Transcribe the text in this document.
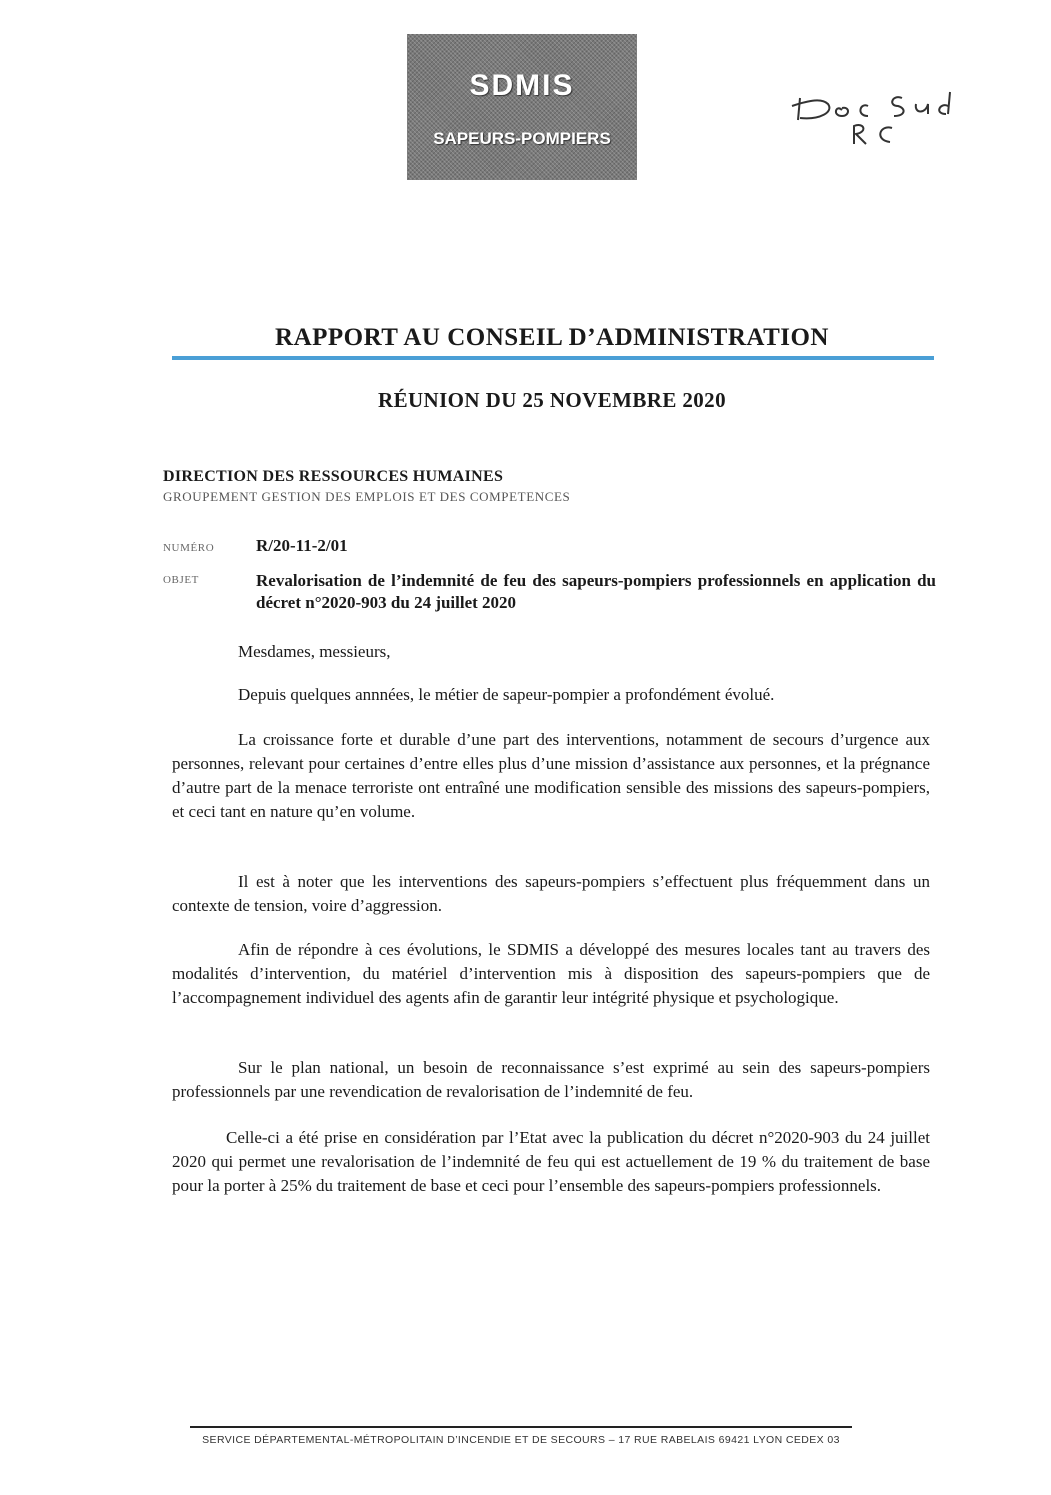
SDMIS
SAPEURS-POMPIERS
RAPPORT AU CONSEIL D’ADMINISTRATION
RÉUNION DU 25 NOVEMBRE 2020
DIRECTION DES RESSOURCES HUMAINES
GROUPEMENT GESTION DES EMPLOIS ET DES COMPETENCES
NUMÉRO R/20-11-2/01
OBJET	Revalorisation de l’indemnité de feu des sapeurs-pompiers professionnels en application du décret n°2020-903 du 24 juillet 2020
Mesdames, messieurs,
Depuis quelques annnées, le métier de sapeur-pompier a profondément évolué.
La croissance forte et durable d’une part des interventions, notamment de secours d’urgence aux personnes, relevant pour certaines d’entre elles plus d’une mission d’assistance aux personnes, et la prégnance d’autre part de la menace terroriste ont entraîné une modification sensible des missions des sapeurs-pompiers, et ceci tant en nature qu’en volume.
Il est à noter que les interventions des sapeurs-pompiers s’effectuent plus fréquemment dans un contexte de tension, voire d’aggression.
Afin de répondre à ces évolutions, le SDMIS a développé des mesures locales tant au travers des modalités d’intervention, du matériel d’intervention mis à disposition des sapeurs-pompiers que de l’accompagnement individuel des agents afin de garantir leur intégrité physique et psychologique.
Sur le plan national, un besoin de reconnaissance s’est exprimé au sein des sapeurs-pompiers professionnels par une revendication de revalorisation de l’indemnité de feu.
Celle-ci a été prise en considération par l’Etat avec la publication du décret n°2020-903 du 24 juillet 2020 qui permet une revalorisation de l’indemnité de feu qui est actuellement de 19 % du traitement de base pour la porter à 25% du traitement de base et ceci pour l’ensemble des sapeurs-pompiers professionnels.
SERVICE DÉPARTEMENTAL-MÉTROPOLITAIN D’INCENDIE ET DE SECOURS – 17 RUE RABELAIS 69421 LYON CEDEX 03
